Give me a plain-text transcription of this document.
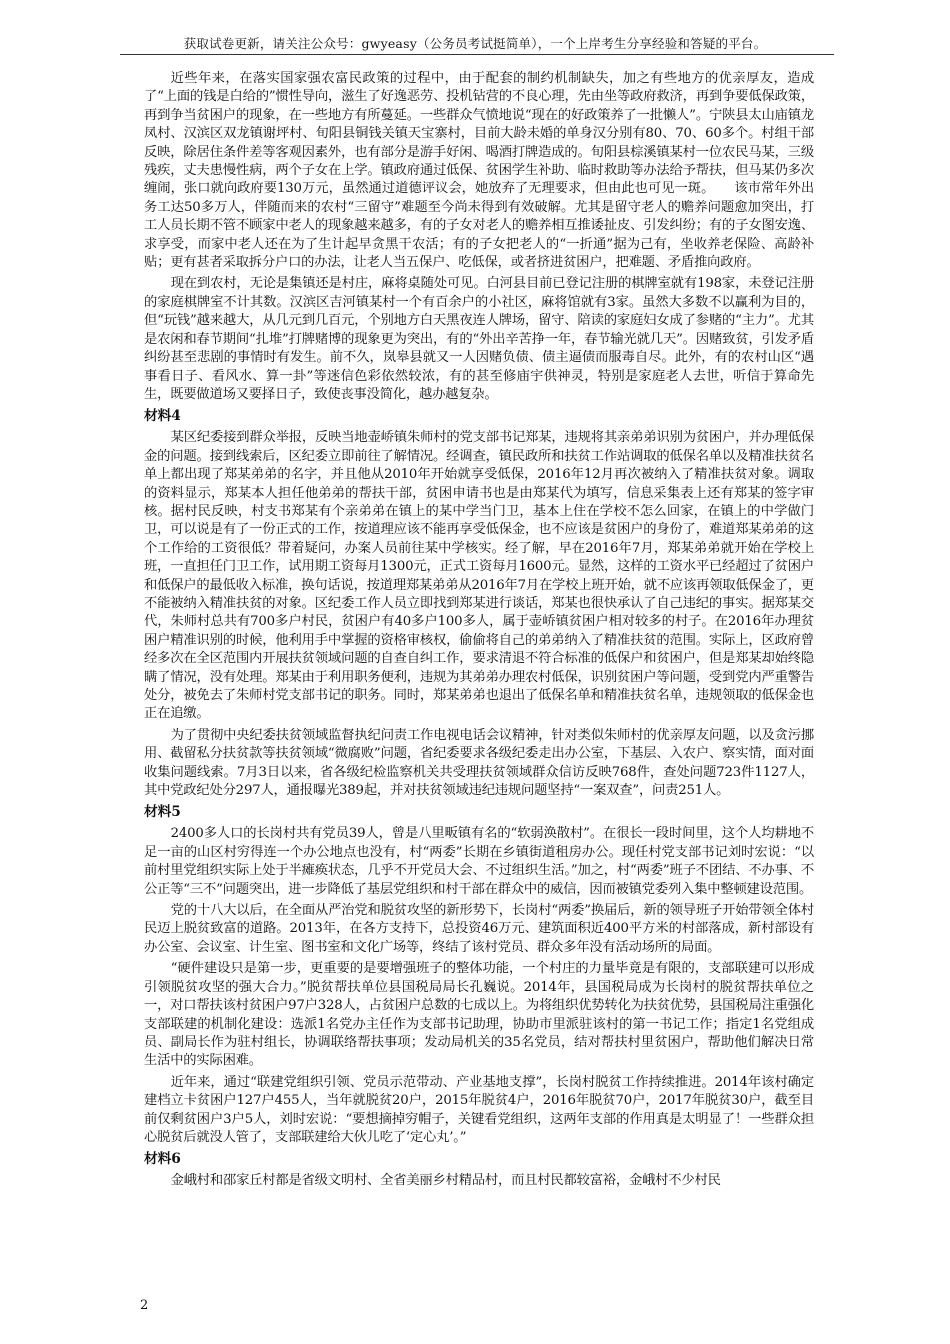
获取试卷更新，请关注公众号：gwyeasy（公务员考试挺简单），一个上岸考生分享经验和答疑的平台。

近些年来，在落实国家强农富民政策的过程中，由于配套的制约机制缺失，加之有些地方的优亲厚友，造成了“上面的钱是白给的”惯性导向，滋生了好逸恶劳、投机钻营的不良心理，先由坐等政府救济，再到争要低保政策，再到争当贫困户的现象，在一些地方有所蔓延。一些群众气愤地说“现在的好政策养了一批懒人”。宁陕县太山庙镇龙凤村、汉滨区双龙镇谢坪村、旬阳县铜钱关镇天宝寨村，目前大龄未婚的单身汉分别有80、70、60多个。村组干部反映，除居住条件差等客观因素外，也有部分是游手好闲、喝酒打牌造成的。旬阳县棕溪镇某村一位农民马某，三级残疾，丈夫患慢性病，两个子女在上学。镇政府通过低保、贫困学生补助、临时救助等办法给予帮扶，但马某仍多次缠闹，张口就向政府要130万元，虽然通过道德评议会，她放弃了无理要求，但由此也可见一斑。　　该市常年外出务工达50多万人，伴随而来的农村“三留守”难题至今尚未得到有效破解。尤其是留守老人的赡养问题愈加突出，打工人员长期不管不顾家中老人的现象越来越多，有的子女对老人的赡养相互推诿扯皮、引发纠纷；有的子女图安逸、求享受，而家中老人还在为了生计起早贪黑干农活；有的子女把老人的“一折通”据为己有，坐收养老保险、高龄补贴；更有甚者采取拆分户口的办法，让老人当五保户、吃低保，或者挤进贫困户，把难题、矛盾推向政府。

现在到农村，无论是集镇还是村庄，麻将桌随处可见。白河县目前已登记注册的棋牌室就有198家，未登记注册的家庭棋牌室不计其数。汉滨区吉河镇某村一个有百余户的小社区，麻将馆就有3家。虽然大多数不以赢利为目的，但“玩钱”越来越大，从几元到几百元，个别地方白天黑夜连人牌场，留守、陪读的家庭妇女成了参赌的“主力”。尤其是农闲和春节期间“扎堆”打牌赌博的现象更为突出，有的“外出辛苦挣一年，春节输光就几天”。因赌致贫，引发矛盾纠纷甚至悲剧的事情时有发生。前不久，岚皋县就又一人因赌负债、债主逼债而服毒自尽。此外，有的农村山区“遇事看日子、看风水、算一卦”等迷信色彩依然较浓，有的甚至修庙宇供神灵，特别是家庭老人去世，听信于算命先生，既要做道场又要择日子，致使丧事没简化，越办越复杂。

材料4

某区纪委接到群众举报，反映当地壶峤镇朱师村的党支部书记郑某，违规将其亲弟弟识别为贫困户，并办理低保金的问题。接到线索后，区纪委立即前往了解情况。经调查，镇民政所和扶贫工作站调取的低保名单以及精准扶贫名单上都出现了郑某弟弟的名字，并且他从2010年开始就享受低保，2016年12月再次被纳入了精准扶贫对象。调取的资料显示，郑某本人担任他弟弟的帮扶干部，贫困申请书也是由郑某代为填写，信息采集表上还有郑某的签字审核。据村民反映，村支书郑某有个亲弟弟在镇上的某中学当门卫，基本上住在学校不怎么回家，在镇上的中学做门卫，可以说是有了一份正式的工作，按道理应该不能再享受低保金，也不应该是贫困户的身份了，难道郑某弟弟的这个工作给的工资很低？带着疑问，办案人员前往某中学核实。经了解，早在2016年7月，郑某弟弟就开始在学校上班，一直担任门卫工作，试用期工资每月1300元，正式工资每月1600元。显然，这样的工资水平已经超过了贫困户和低保户的最低收入标准，换句话说，按道理郑某弟弟从2016年7月在学校上班开始，就不应该再领取低保金了，更不能被纳入精准扶贫的对象。区纪委工作人员立即找到郑某进行谈话，郑某也很快承认了自己违纪的事实。据郑某交代，朱师村总共有700多户村民，贫困户有40多户100多人，属于壶峤镇贫困户相对较多的村子。在2016年办理贫困户精准识别的时候，他利用手中掌握的资格审核权，偷偷将自己的弟弟纳入了精准扶贫的范围。实际上，区政府曾经多次在全区范围内开展扶贫领域问题的自查自纠工作，要求清退不符合标准的低保户和贫困户，但是郑某却始终隐瞒了情况，没有处理。郑某由于利用职务便利，违规为其弟弟办理农村低保，识别贫困户等问题，受到党内严重警告处分，被免去了朱师村党支部书记的职务。同时，郑某弟弟也退出了低保名单和精准扶贫名单，违规领取的低保金也正在追缴。

为了贯彻中央纪委扶贫领域监督执纪问责工作电视电话会议精神，针对类似朱师村的优亲厚友问题，以及贪污挪用、截留私分扶贫款等扶贫领域“微腐败”问题，省纪委要求各级纪委走出办公室，下基层、入农户、察实情，面对面收集问题线索。7月3日以来，省各级纪检监察机关共受理扶贫领域群众信访反映768件，查处问题723件1127人，其中党政纪处分297人，通报曝光389起，并对扶贫领域违纪违规问题坚持“一案双查”，问责251人。

材料5

2400多人口的长岗村共有党员39人，曾是八里畈镇有名的“软弱涣散村”。在很长一段时间里，这个人均耕地不足一亩的山区村穷得连一个办公地点也没有，村“两委”长期在乡镇街道租房办公。现任村党支部书记刘时宏说：“以前村里党组织实际上处于半瘫痪状态，几乎不开党员大会、不过组织生活。”加之，村“两委”班子不团结、不办事、不公正等“三不”问题突出，进一步降低了基层党组织和村干部在群众中的威信，因而被镇党委列入集中整顿建设范围。

党的十八大以后，在全面从严治党和脱贫攻坚的新形势下，长岗村“两委”换届后，新的领导班子开始带领全体村民迈上脱贫致富的道路。2013年，在各方支持下，总投资46万元、建筑面积近400平方米的村部落成，新村部设有办公室、会议室、计生室、图书室和文化广场等，终结了该村党员、群众多年没有活动场所的局面。

“硬件建设只是第一步，更重要的是要增强班子的整体功能，一个村庄的力量毕竟是有限的，支部联建可以形成引领脱贫攻坚的强大合力。”脱贫帮扶单位县国税局局长孔巍说。2014年，县国税局成为长岗村的脱贫帮扶单位之一，对口帮扶该村贫困户97户328人，占贫困户总数的七成以上。为将组织优势转化为扶贫优势，县国税局注重强化支部联建的机制化建设：选派1名党办主任作为支部书记助理，协助市里派驻该村的第一书记工作；指定1名党组成员、副局长作为驻村组长，协调联络帮扶事项；发动局机关的35名党员，结对帮扶村里贫困户，帮助他们解决日常生活中的实际困难。

近年来，通过“联建党组织引领、党员示范带动、产业基地支撑”，长岗村脱贫工作持续推进。2014年该村确定建档立卡贫困户127户455人，当年就脱贫20户，2015年脱贫4户，2016年脱贫70户，2017年脱贫30户，截至目前仅剩贫困户3户5人，刘时宏说：“要想摘掉穷帽子，关键看党组织，这两年支部的作用真是太明显了！一些群众担心脱贫后就没人管了，支部联建给大伙儿吃了‘定心丸’。”

材料6

金峨村和邵家丘村都是省级文明村、全省美丽乡村精品村，而且村民都较富裕，金峨村不少村民

2
